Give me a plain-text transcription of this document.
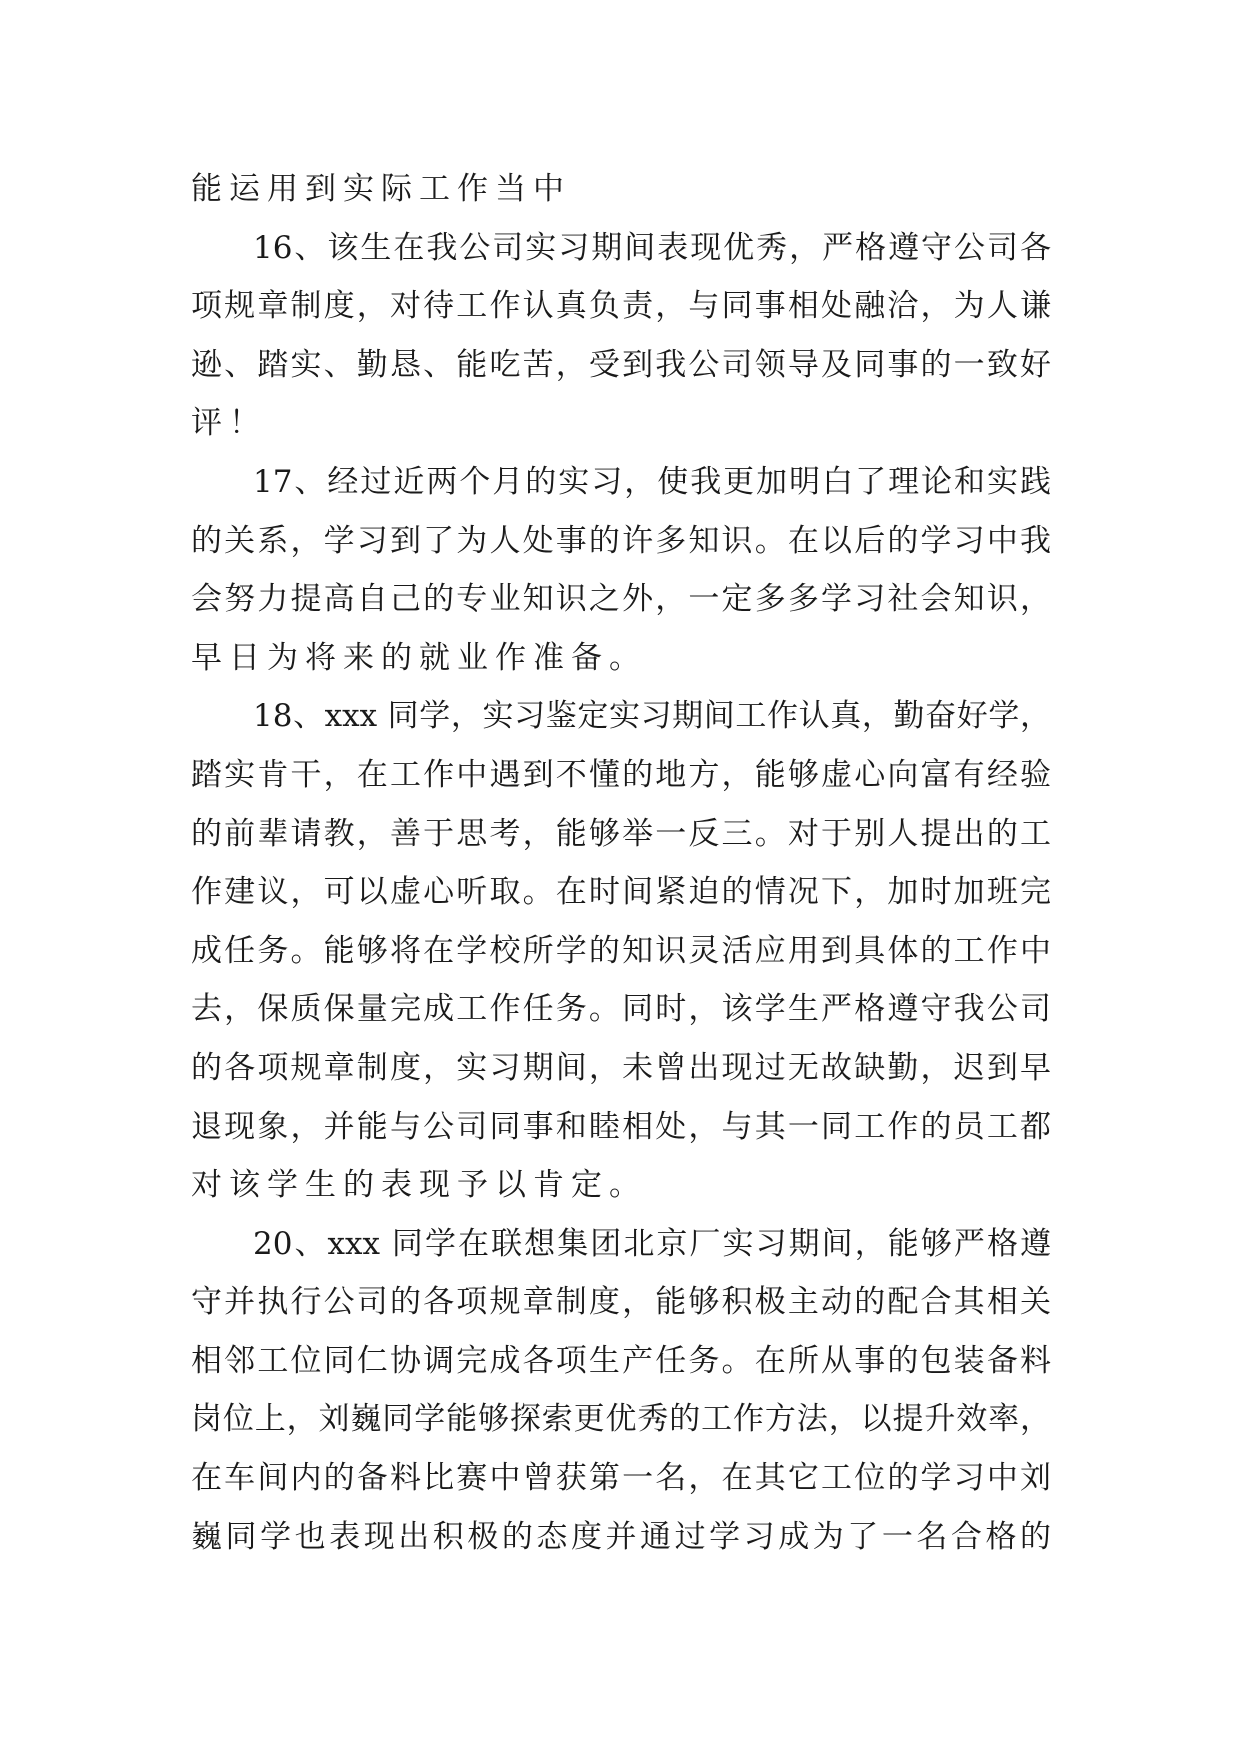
能运用到实际工作当中
16、该生在我公司实习期间表现优秀，严格遵守公司各
项规章制度，对待工作认真负责，与同事相处融洽，为人谦
逊、踏实、勤恳、能吃苦，受到我公司领导及同事的一致好
评！
17、经过近两个月的实习，使我更加明白了理论和实践
的关系，学习到了为人处事的许多知识。在以后的学习中我
会努力提高自己的专业知识之外，一定多多学习社会知识，
早日为将来的就业作准备。
18、xxx 同学，实习鉴定实习期间工作认真，勤奋好学，
踏实肯干，在工作中遇到不懂的地方，能够虚心向富有经验
的前辈请教，善于思考，能够举一反三。对于别人提出的工
作建议，可以虚心听取。在时间紧迫的情况下，加时加班完
成任务。能够将在学校所学的知识灵活应用到具体的工作中
去，保质保量完成工作任务。同时，该学生严格遵守我公司
的各项规章制度，实习期间，未曾出现过无故缺勤，迟到早
退现象，并能与公司同事和睦相处，与其一同工作的员工都
对该学生的表现予以肯定。
20、xxx 同学在联想集团北京厂实习期间，能够严格遵
守并执行公司的各项规章制度，能够积极主动的配合其相关
相邻工位同仁协调完成各项生产任务。在所从事的包装备料
岗位上，刘巍同学能够探索更优秀的工作方法，以提升效率，
在车间内的备料比赛中曾获第一名，在其它工位的学习中刘
巍同学也表现出积极的态度并通过学习成为了一名合格的
